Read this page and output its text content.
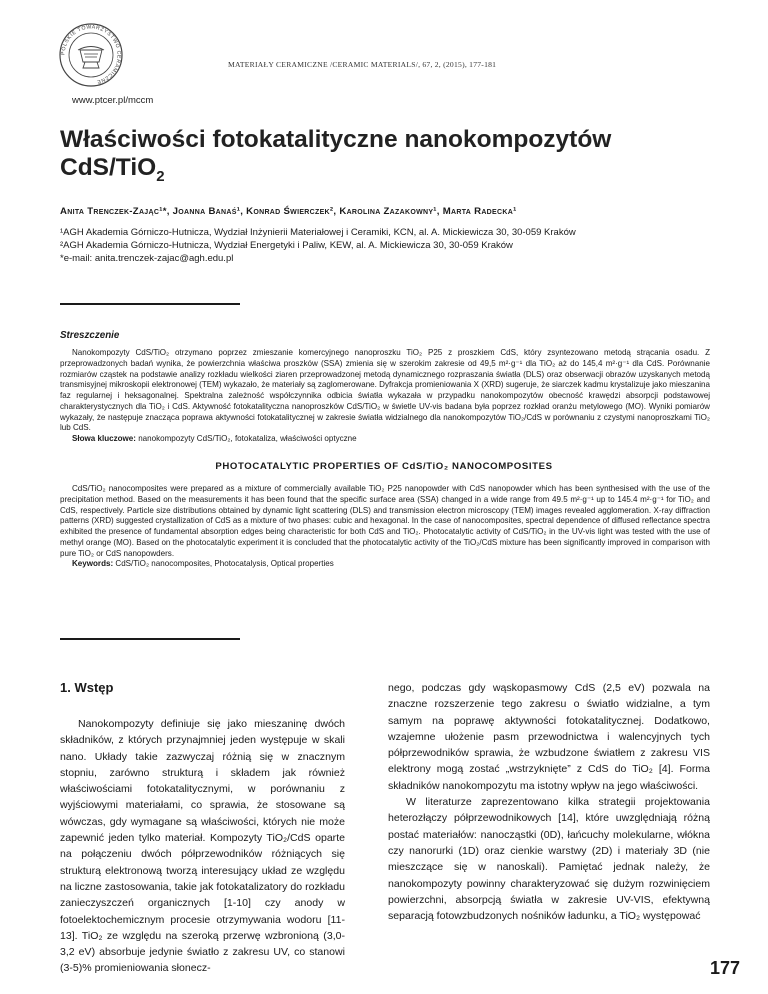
POLSKIE TOWARZYSTWO CERAMICZNE
MATERIAŁY CERAMICZNE /CERAMIC MATERIALS/, 67, 2, (2015), 177-181
www.ptcer.pl/mccm
Właściwości fotokatalityczne nanokompozytów
CdS/TiO$_2$
Anita Trenczek-Zając¹*, Joanna Banaś¹, Konrad Świerczek², Karolina Zazakowny¹, Marta Radecka¹

¹AGH Akademia Górniczo-Hutnicza, Wydział Inżynierii Materiałowej i Ceramiki, KCN, al. A. Mickiewicza 30, 30-059 Kraków

²AGH Akademia Górniczo-Hutnicza, Wydział Energetyki i Paliw, KEW, al. A. Mickiewicza 30, 30-059 Kraków

*e-mail: anita.trenczek-zajac@agh.edu.pl

Streszczenie

Nanokompozyty CdS/TiO₂ otrzymano poprzez zmieszanie komercyjnego nanoproszku TiO₂ P25 z proszkiem CdS, który zsyntezowano metodą strącania osadu. Z przeprowadzonych badań wynika, że powierzchnia właściwa proszków (SSA) zmienia się w szerokim zakresie od 49,5 m²·g⁻¹ dla TiO₂ aż do 145,4 m²·g⁻¹ dla CdS. Porównanie rozmiarów cząstek na podstawie analizy rozkładu wielkości ziaren przeprowadzonej metodą dynamicznego rozpraszania światła (DLS) oraz obserwacji obrazów uzyskanych metodą transmisyjnej mikroskopii elektronowej (TEM) wykazało, że materiały są zaglomerowane. Dyfrakcja promieniowania X (XRD) sugeruje, że siarczek kadmu krystalizuje jako mieszanina faz regularnej i heksagonalnej. Spektralna zależność współczynnika odbicia światła wykazała w przypadku nanokompozytów obecność krawędzi absorpcji podstawowej charakterystycznych dla TiO₂ i CdS. Aktywność fotokatalityczna nanoproszków CdS/TiO₂ w świetle UV-vis badana była poprzez rozkład oranżu metylowego (MO). Wyniki pomiarów wykazały, że następuje znacząca poprawa aktywności fotokatalitycznej w zakresie światła widzialnego dla nanokompozytów TiO₂/CdS w porównaniu z czystymi nanoproszkami TiO₂ lub CdS.

Słowa kluczowe: nanokompozyty CdS/TiO₂, fotokataliza, właściwości optyczne

PHOTOCATALYTIC PROPERTIES OF CdS/TiO₂ NANOCOMPOSITES

CdS/TiO₂ nanocomposites were prepared as a mixture of commercially available TiO₂ P25 nanopowder with CdS nanopowder which has been synthesised with the use of the precipitation method. Based on the measurements it has been found that the specific surface area (SSA) changed in a wide range from 49.5 m²·g⁻¹ up to 145.4 m²·g⁻¹ for TiO₂ and CdS, respectively. Particle size distributions obtained by dynamic light scattering (DLS) and transmission electron microscopy (TEM) images revealed agglomeration. X-ray diffraction patterns (XRD) suggested crystallization of CdS as a mixture of two phases: cubic and hexagonal. In the case of nanocomposites, spectral dependence of diffused reflectance spectra exhibited the presence of fundamental absorption edges being characteristic for both CdS and TiO₂. Photocatalytic activity of CdS/TiO₂ in the UV-vis light was tested with the use of methyl orange (MO). Based on the photocatalytic experiment it is concluded that the photocatalytic activity of the TiO₂/CdS mixture has been significantly improved in comparison with pure TiO₂ or CdS nanopowders.

Keywords: CdS/TiO₂ nanocomposites, Photocatalysis, Optical properties

1. Wstęp

Nanokompozyty definiuje się jako mieszaninę dwóch składników, z których przynajmniej jeden występuje w skali nano. Układy takie zazwyczaj różnią się w znacznym stopniu, zarówno strukturą i składem jak również właściwościami fotokatalitycznymi, w porównaniu z wyjściowymi materiałami, co sprawia, że stosowane są wówczas, gdy wymagane są właściwości, których nie może zapewnić jeden tylko materiał. Kompozyty TiO₂/CdS oparte na połączeniu dwóch półprzewodników różniących się strukturą elektronową tworzą interesujący układ ze względu na liczne zastosowania, takie jak fotokatalizatory do rozkładu zanieczyszczeń organicznych [1-10] czy anody w fotoelektochemicznym procesie otrzymywania wodoru [11-13]. TiO₂ ze względu na szeroką przerwę wzbronioną (3,0-3,2 eV) absorbuje jedynie światło z zakresu UV, co stanowi (3-5)% promieniowania słonecz-

nego, podczas gdy wąskopasmowy CdS (2,5 eV) pozwala na znaczne rozszerzenie tego zakresu o światło widzialne, a tym samym na poprawę aktywności fotokatalitycznej. Dodatkowo, wzajemne ułożenie pasm przewodnictwa i walencyjnych tych półprzewodników sprawia, że wzbudzone światłem z zakresu VIS elektrony mogą zostać „wstrzyknięte” z CdS do TiO₂ [4]. Forma składników nanokompozytu ma istotny wpływ na jego właściwości.

W literaturze zaprezentowano kilka strategii projektowania heterozłączy półprzewodnikowych [14], które uwzględniają różną postać materiałów: nanocząstki (0D), łańcuchy molekularne, włókna czy nanorurki (1D) oraz cienkie warstwy (2D) i materiały 3D (nie mieszczące się w nanoskali). Pamiętać jednak należy, że nanokompozyty powinny charakteryzować się dużym rozwinięciem powierzchni, absorpcją światła w zakresie UV-VIS, efektywną separacją fotowzbudzonych nośników ładunku, a TiO₂ występować

177
